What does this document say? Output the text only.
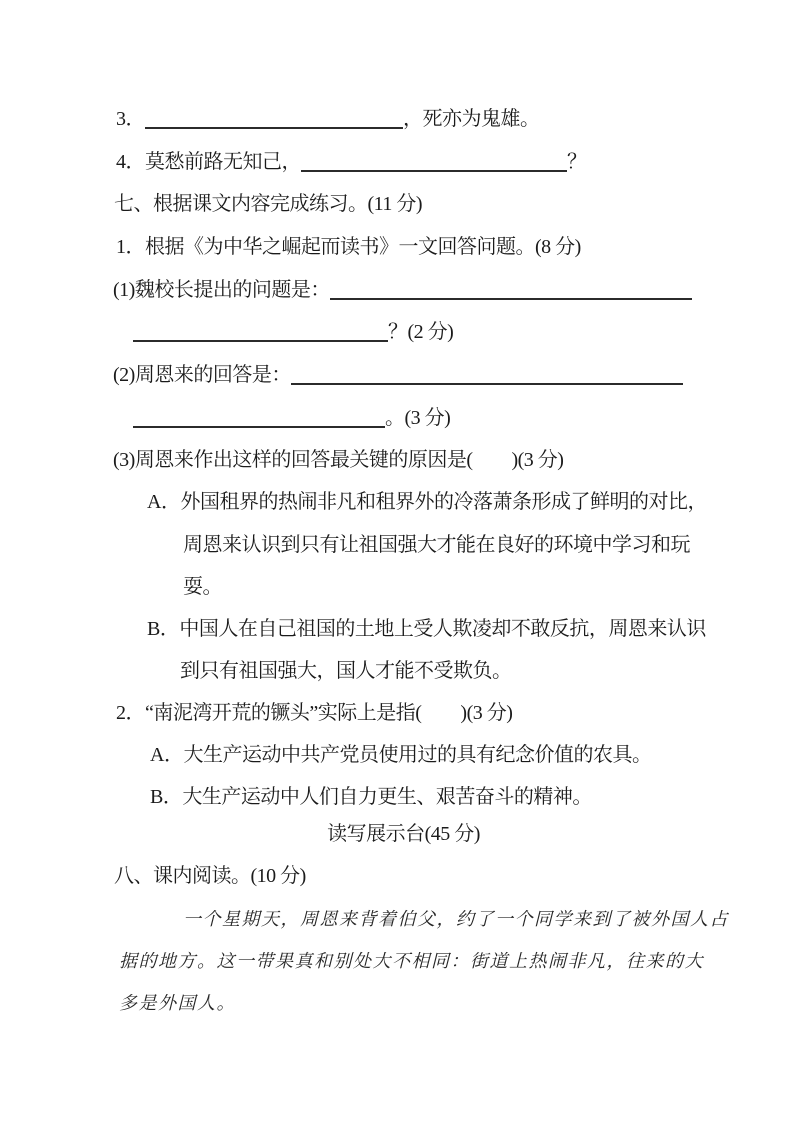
3．	，死亦为鬼雄。
4．莫愁前路无知己，	？
七、根据课文内容完成练习。(11 分)
1．根据《为中华之崛起而读书》一文回答问题。(8 分)
(1)魏校长提出的问题是：
？(2 分)
(2)周恩来的回答是：
。(3 分)
(3)周恩来作出这样的回答最关键的原因是(　　)(3 分)
A．外国租界的热闹非凡和租界外的冷落萧条形成了鲜明的对比，
周恩来认识到只有让祖国强大才能在良好的环境中学习和玩
耍。
B．中国人在自己祖国的土地上受人欺凌却不敢反抗，周恩来认识
到只有祖国强大，国人才能不受欺负。
2．“南泥湾开荒的镢头”实际上是指(　　)(3 分)
A．大生产运动中共产党员使用过的具有纪念价值的农具。
B．大生产运动中人们自力更生、艰苦奋斗的精神。
读写展示台(45 分)
八、课内阅读。(10 分)
一个星期天，周恩来背着伯父，约了一个同学来到了被外国人占
据的地方。这一带果真和别处大不相同：街道上热闹非凡，往来的大
多是外国人。
